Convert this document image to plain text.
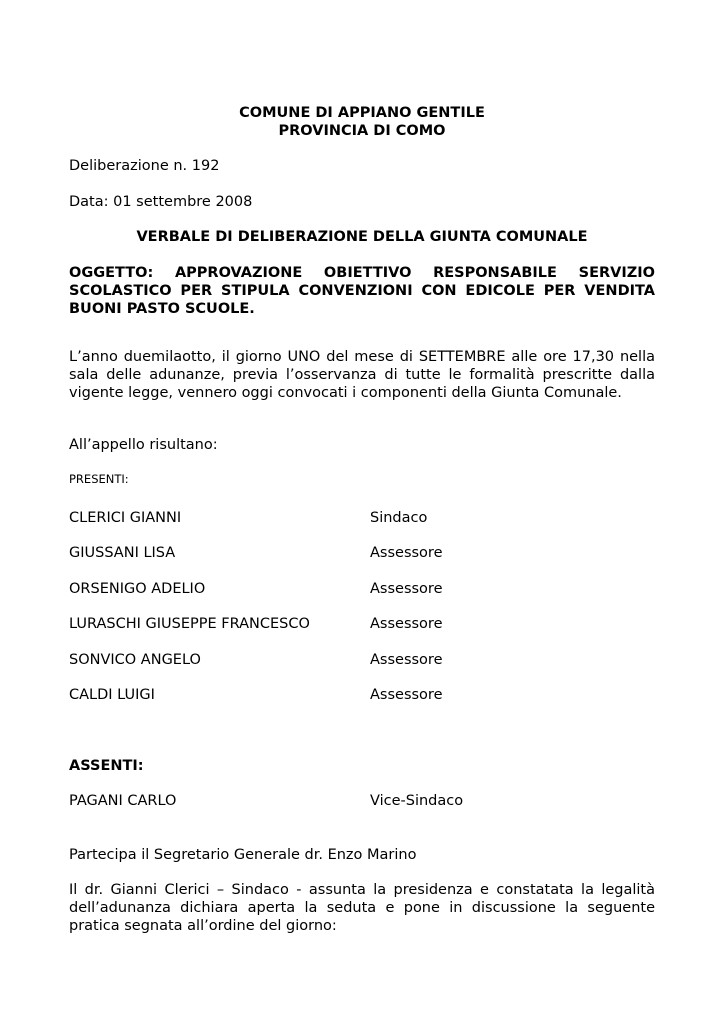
COMUNE DI APPIANO GENTILE
PROVINCIA DI COMO
Deliberazione n. 192
Data: 01 settembre 2008
VERBALE DI DELIBERAZIONE DELLA GIUNTA COMUNALE
OGGETTO: APPROVAZIONE OBIETTIVO RESPONSABILE SERVIZIO SCOLASTICO PER STIPULA CONVENZIONI CON EDICOLE PER VENDITA BUONI PASTO SCUOLE.
L’anno duemilaotto, il giorno UNO del mese di SETTEMBRE alle ore 17,30 nella sala delle adunanze, previa l’osservanza di tutte le formalità prescritte dalla vigente legge, vennero oggi convocati i componenti della Giunta Comunale.
All’appello risultano:
PRESENTI:
CLERICI GIANNI	Sindaco
GIUSSANI LISA	Assessore
ORSENIGO ADELIO	Assessore
LURASCHI GIUSEPPE FRANCESCO	Assessore
SONVICO ANGELO	Assessore
CALDI LUIGI	Assessore
ASSENTI:
PAGANI CARLO	Vice-Sindaco
Partecipa il Segretario Generale dr. Enzo Marino
Il dr. Gianni Clerici – Sindaco - assunta la presidenza e constatata la legalità dell’adunanza dichiara aperta la seduta e pone in discussione la seguente pratica segnata all’ordine del giorno:
